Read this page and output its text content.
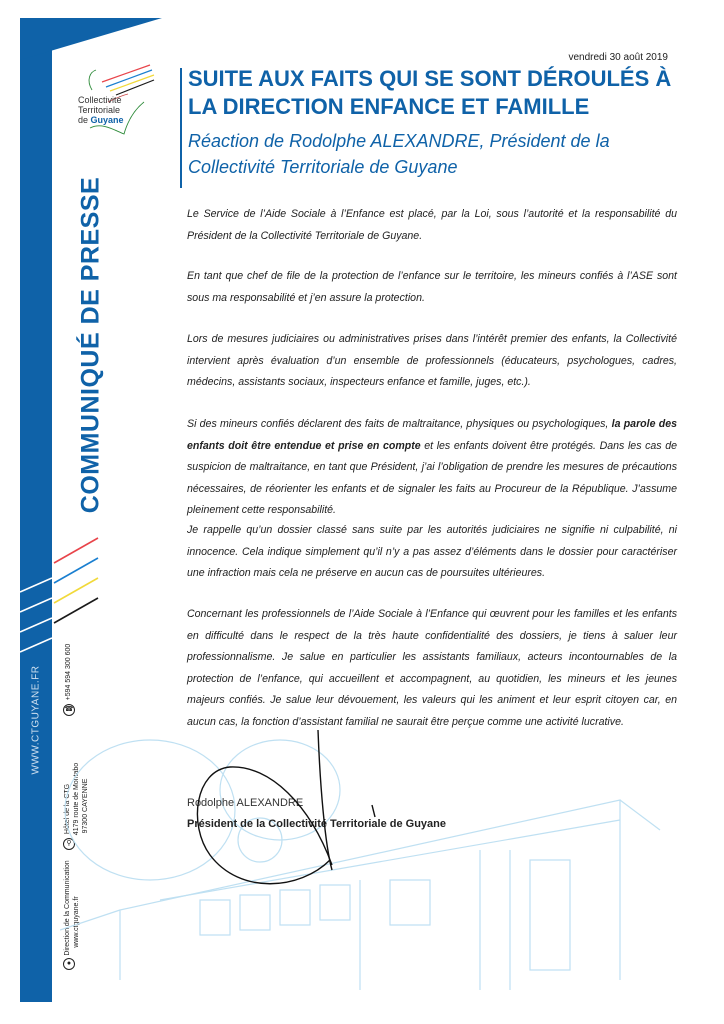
Collectivité
Territoriale
de Guyane
COMMUNIQUÉ DE PRESSE
WWW.CTGUYANE.FR	☎
+594 594 300 600
⚲
Hôtel de la CTG 4179 route de Montabo 97300 CAYENNE
●
Direction de la Communication www.ctguyane.fr
vendredi 30 août 2019
SUITE AUX FAITS QUI SE SONT DÉROULÉS À
LA DIRECTION ENFANCE ET FAMILLE
Réaction de Rodolphe ALEXANDRE, Président de la
Collectivité Territoriale de Guyane
Le Service de l’Aide Sociale à l’Enfance est placé, par la Loi, sous l’autorité et la responsabilité du Président de la Collectivité Territoriale de Guyane.
En tant que chef de file de la protection de l’enfance sur le territoire, les mineurs confiés à l’ASE sont sous ma responsabilité et j’en assure la protection.
Lors de mesures judiciaires ou administratives prises dans l’intérêt premier des enfants, la Collectivité intervient après évaluation d’un ensemble de professionnels (éducateurs, psychologues, cadres, médecins, assistants sociaux, inspecteurs enfance et famille, juges, etc.).
Si des mineurs confiés déclarent des faits de maltraitance, physiques ou psychologiques, la parole des enfants doit être entendue et prise en compte et les enfants doivent être protégés. Dans les cas de suspicion de maltraitance, en tant que Président, j’ai l’obligation de prendre les mesures de précautions nécessaires, de réorienter les enfants et de signaler les faits au Procureur de la République. J’assume pleinement cette responsabilité.
Je rappelle qu’un dossier classé sans suite par les autorités judiciaires ne signifie ni culpabilité, ni innocence. Cela indique simplement qu’il n’y a pas assez d’éléments dans le dossier pour caractériser une infraction mais cela ne préserve en aucun cas de poursuites ultérieures.
Concernant les professionnels de l’Aide Sociale à l’Enfance qui œuvrent pour les familles et les enfants en difficulté dans le respect de la très haute confidentialité des dossiers, je tiens à saluer leur professionnalisme. Je salue en particulier les assistants familiaux, acteurs incontournables de la protection de l’enfance, qui accueillent et accompagnent, au quotidien, les mineurs et les jeunes majeurs confiés. Je salue leur dévouement, les valeurs qui les animent et leur esprit citoyen car, en aucun cas, la fonction d’assistant familial ne saurait être perçue comme une activité lucrative.
Rodolphe ALEXANDRE
Président de la Collectivité Territoriale de Guyane
